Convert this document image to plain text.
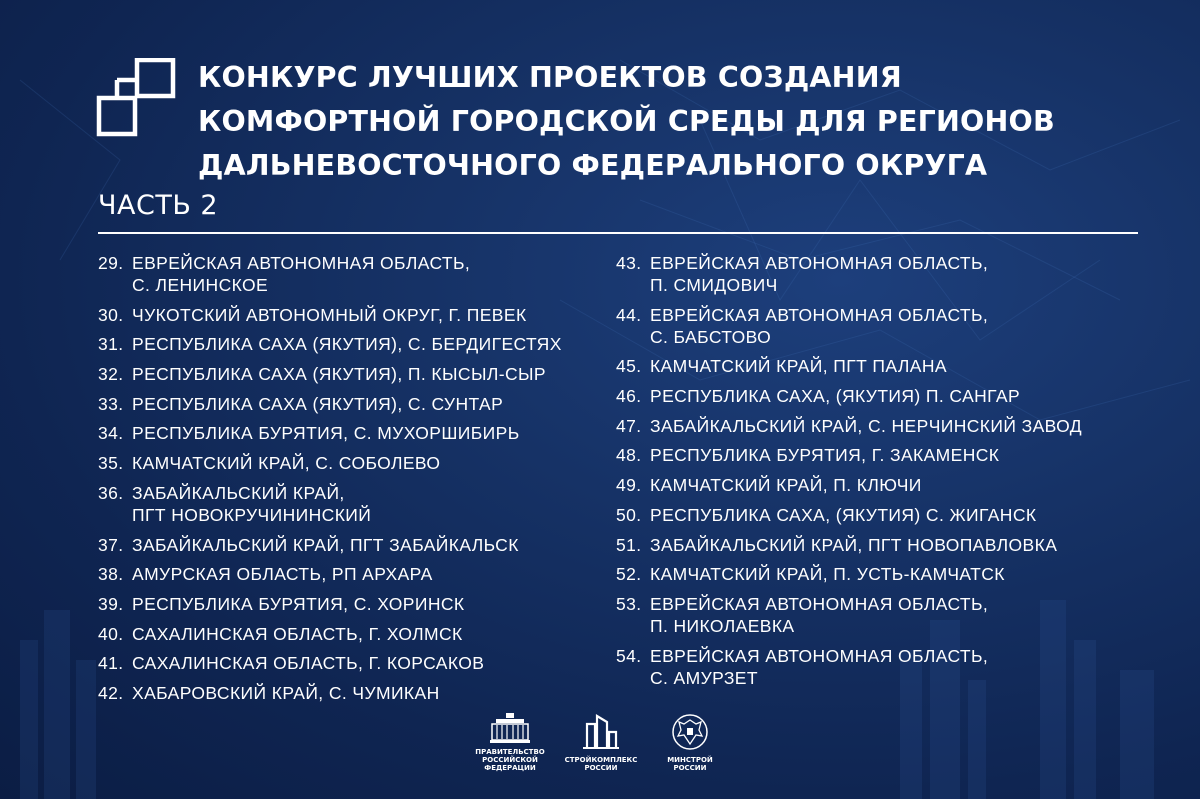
КОНКУРС ЛУЧШИХ ПРОЕКТОВ СОЗДАНИЯ
КОМФОРТНОЙ ГОРОДСКОЙ СРЕДЫ ДЛЯ РЕГИОНОВ
ДАЛЬНЕВОСТОЧНОГО ФЕДЕРАЛЬНОГО ОКРУГА
ЧАСТЬ 2
29. ЕВРЕЙСКАЯ АВТОНОМНАЯ ОБЛАСТЬ,
С. ЛЕНИНСКОЕ
30. ЧУКОТСКИЙ АВТОНОМНЫЙ ОКРУГ, Г. ПЕВЕК
31. РЕСПУБЛИКА САХА (ЯКУТИЯ), С. БЕРДИГЕСТЯХ
32. РЕСПУБЛИКА САХА (ЯКУТИЯ), П. КЫСЫЛ-СЫР
33. РЕСПУБЛИКА САХА (ЯКУТИЯ), С. СУНТАР
34. РЕСПУБЛИКА БУРЯТИЯ, С. МУХОРШИБИРЬ
35. КАМЧАТСКИЙ КРАЙ, С. СОБОЛЕВО
36. ЗАБАЙКАЛЬСКИЙ КРАЙ,
ПГТ НОВОКРУЧИНИНСКИЙ
37. ЗАБАЙКАЛЬСКИЙ КРАЙ, ПГТ ЗАБАЙКАЛЬСК
38. АМУРСКАЯ ОБЛАСТЬ, РП АРХАРА
39. РЕСПУБЛИКА БУРЯТИЯ, С. ХОРИНСК
40. САХАЛИНСКАЯ ОБЛАСТЬ, Г. ХОЛМСК
41. САХАЛИНСКАЯ ОБЛАСТЬ, Г. КОРСАКОВ
42. ХАБАРОВСКИЙ КРАЙ, С. ЧУМИКАН
43. ЕВРЕЙСКАЯ АВТОНОМНАЯ ОБЛАСТЬ,
П. СМИДОВИЧ
44. ЕВРЕЙСКАЯ АВТОНОМНАЯ ОБЛАСТЬ,
С. БАБСТОВО
45. КАМЧАТСКИЙ КРАЙ, ПГТ ПАЛАНА
46. РЕСПУБЛИКА САХА, (ЯКУТИЯ) П. САНГАР
47. ЗАБАЙКАЛЬСКИЙ КРАЙ, С. НЕРЧИНСКИЙ ЗАВОД
48. РЕСПУБЛИКА БУРЯТИЯ, Г. ЗАКАМЕНСК
49. КАМЧАТСКИЙ КРАЙ, П. КЛЮЧИ
50. РЕСПУБЛИКА САХА, (ЯКУТИЯ) С. ЖИГАНСК
51. ЗАБАЙКАЛЬСКИЙ КРАЙ, ПГТ НОВОПАВЛОВКА
52. КАМЧАТСКИЙ КРАЙ, П. УСТЬ-КАМЧАТСК
53. ЕВРЕЙСКАЯ АВТОНОМНАЯ ОБЛАСТЬ,
П. НИКОЛАЕВКА
54. ЕВРЕЙСКАЯ АВТОНОМНАЯ ОБЛАСТЬ,
С. АМУРЗЕТ
ПРАВИТЕЛЬСТВО
РОССИЙСКОЙ
ФЕДЕРАЦИИ
СТРОЙКОМПЛЕКС
РОССИИ
МИНСТРОЙ
РОССИИ
